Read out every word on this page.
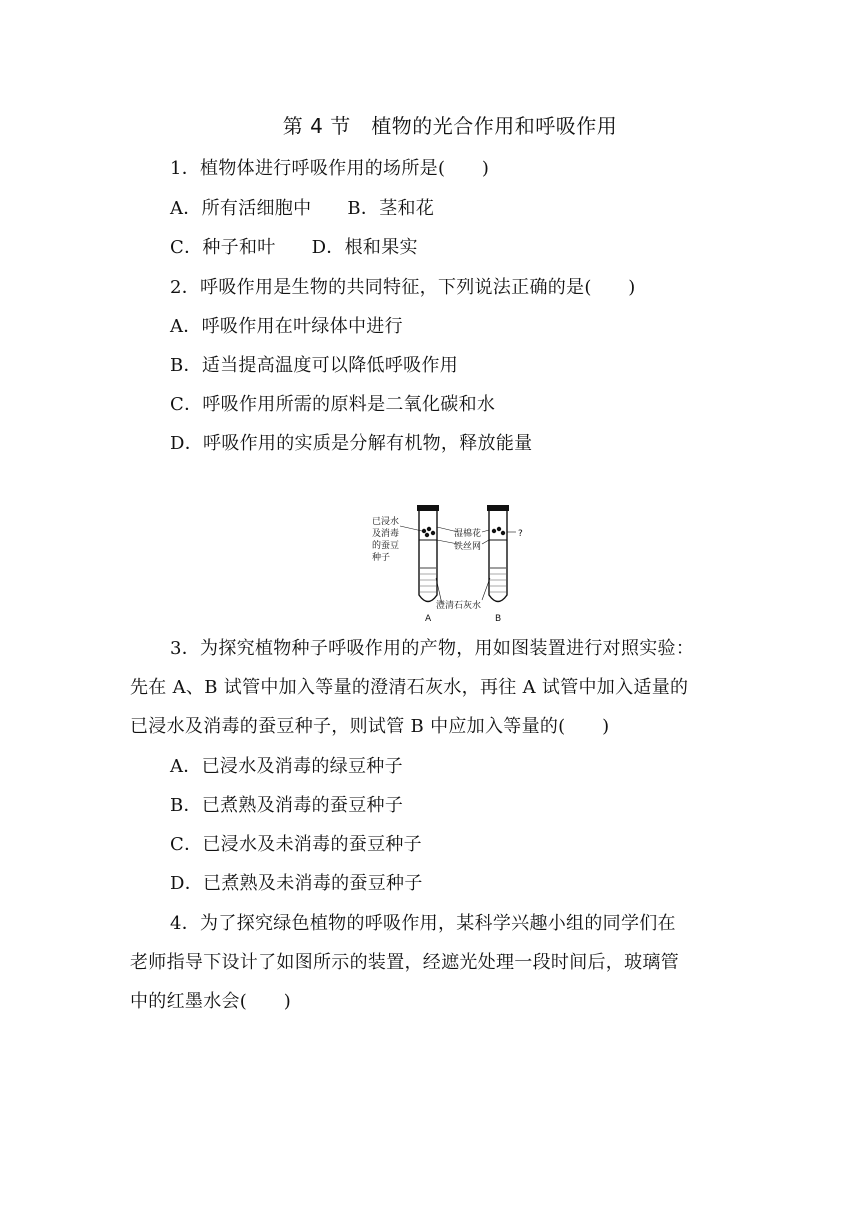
第 4 节　植物的光合作用和呼吸作用
1．植物体进行呼吸作用的场所是(　　)
A．所有活细胞中 B．茎和花
C．种子和叶 D．根和果实
2．呼吸作用是生物的共同特征，下列说法正确的是(　　)
A．呼吸作用在叶绿体中进行
B．适当提高温度可以降低呼吸作用
C．呼吸作用所需的原料是二氧化碳和水
D．呼吸作用的实质是分解有机物，释放能量
已浸水
及消毒
的蚕豆
种子
湿棉花
铁丝网
?
澄清石灰水
A	B
3．为探究植物种子呼吸作用的产物，用如图装置进行对照实验：
先在 A、B 试管中加入等量的澄清石灰水，再往 A 试管中加入适量的
已浸水及消毒的蚕豆种子，则试管 B 中应加入等量的(　　)
A．已浸水及消毒的绿豆种子
B．已煮熟及消毒的蚕豆种子
C．已浸水及未消毒的蚕豆种子
D．已煮熟及未消毒的蚕豆种子
4．为了探究绿色植物的呼吸作用，某科学兴趣小组的同学们在
老师指导下设计了如图所示的装置，经遮光处理一段时间后，玻璃管
中的红墨水会(　　)
